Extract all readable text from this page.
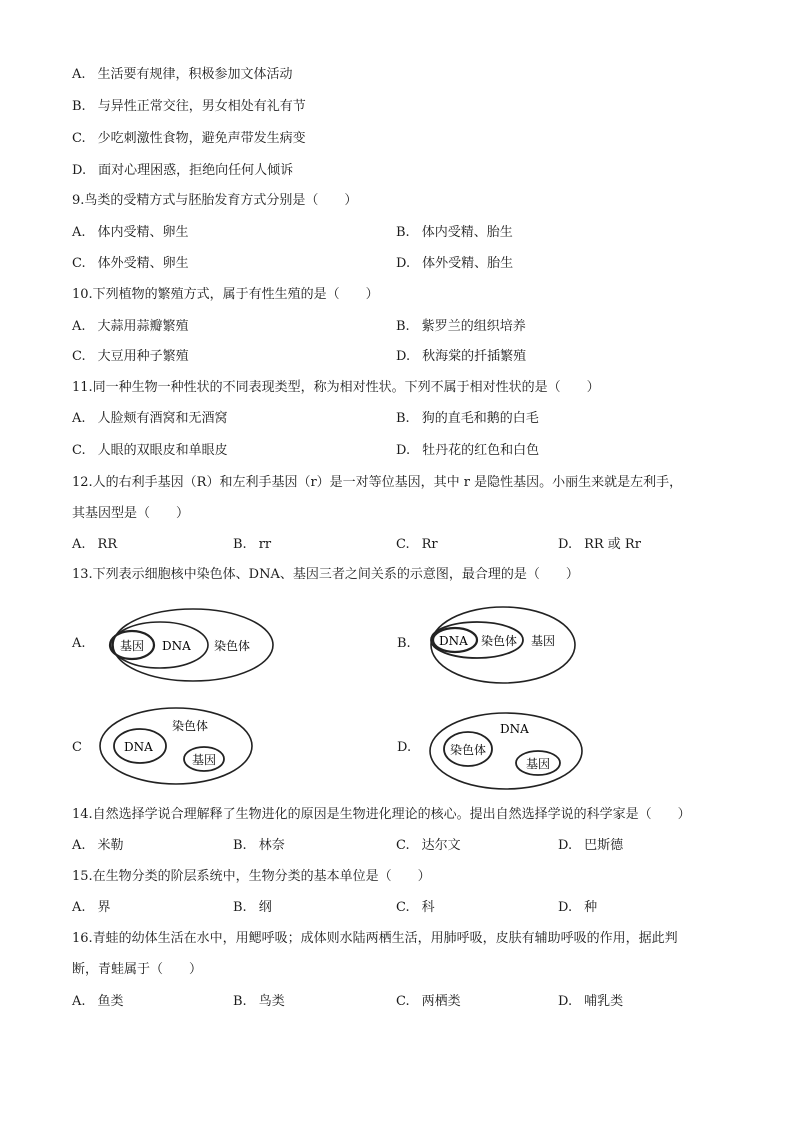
A. 生活要有规律，积极参加文体活动
B. 与异性正常交往，男女相处有礼有节
C. 少吃刺激性食物，避免声带发生病变
D. 面对心理困惑，拒绝向任何人倾诉
9.鸟类的受精方式与胚胎发育方式分别是（　　）
A. 体内受精、卵生	B. 体内受精、胎生
C. 体外受精、卵生	D. 体外受精、胎生
10.下列植物的繁殖方式，属于有性生殖的是（　　）
A. 大蒜用蒜瓣繁殖	B. 紫罗兰的组织培养
C. 大豆用种子繁殖	D. 秋海棠的扦插繁殖
11.同一种生物一种性状的不同表现类型，称为相对性状。下列不属于相对性状的是（　　）
A. 人脸颊有酒窝和无酒窝	B. 狗的直毛和鹅的白毛
C. 人眼的双眼皮和单眼皮	D. 牡丹花的红色和白色
12.人的右利手基因（R）和左利手基因（r）是一对等位基因，其中 r 是隐性基因。小丽生来就是左利手，
其基因型是（　　）
A. RR	B. rr	C. Rr	D. RR 或 Rr
13.下列表示细胞核中染色体、DNA、基因三者之间关系的示意图，最合理的是（　　）
A.	基因 DNA 染色体	B. DNA 染色体 基因
C
染色体
DNA
基因
D.
DNA
染色体
基因
14.自然选择学说合理解释了生物进化的原因是生物进化理论的核心。提出自然选择学说的科学家是（　　）
A. 米勒	B. 林奈	C. 达尔文	D. 巴斯德
15.在生物分类的阶层系统中，生物分类的基本单位是（　　）
A. 界	B. 纲	C. 科	D. 种
16.青蛙的幼体生活在水中，用鳃呼吸；成体则水陆两栖生活，用肺呼吸，皮肤有辅助呼吸的作用，据此判
断，青蛙属于（　　）
A. 鱼类	B. 鸟类	C. 两栖类	D. 哺乳类
